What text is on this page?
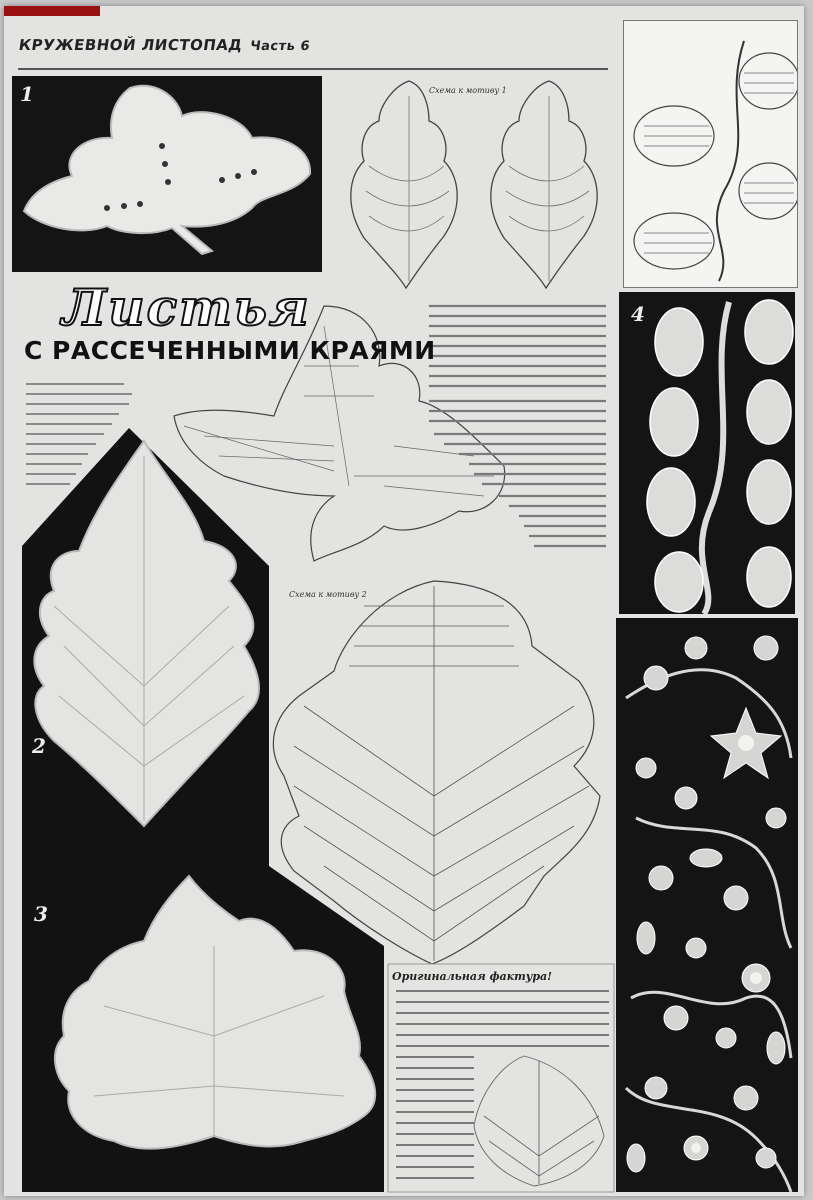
КРУЖЕВНОЙ ЛИСТОПАД Часть 6
1	Схема к мотиву 1
Схема к мотиву 2
Листья
С РАССЕЧЕННЫМИ КРАЯМИ
2
3
4
Оригинальная фактура!
